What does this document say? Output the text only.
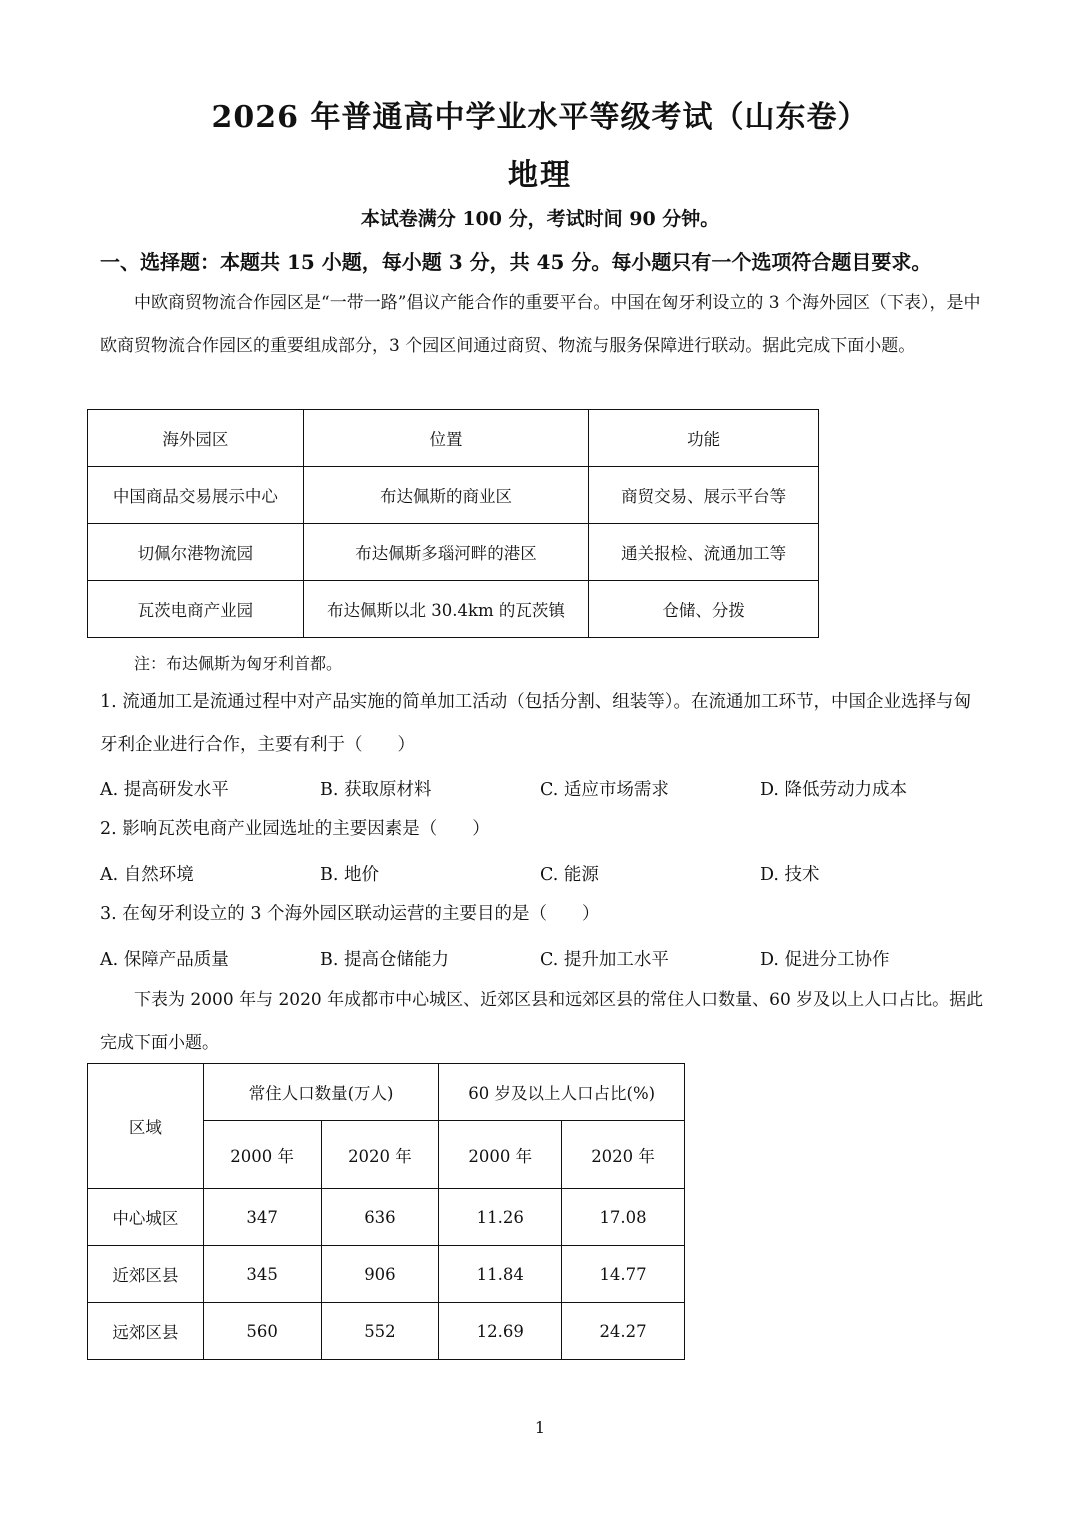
2026 年普通高中学业水平等级考试（山东卷）
地理
本试卷满分 100 分，考试时间 90 分钟。
一、选择题：本题共 15 小题，每小题 3 分，共 45 分。每小题只有一个选项符合题目要求。

中欧商贸物流合作园区是“一带一路”倡议产能合作的重要平台。中国在匈牙利设立的 3 个海外园区（下表），是中欧商贸物流合作园区的重要组成部分，3 个园区间通过商贸、物流与服务保障进行联动。据此完成下面小题。

海外园区	位置	功能
中国商品交易展示中心	布达佩斯的商业区	商贸交易、展示平台等
切佩尔港物流园	布达佩斯多瑙河畔的港区	通关报检、流通加工等
瓦茨电商产业园	布达佩斯以北 30.4km 的瓦茨镇	仓储、分拨
注：布达佩斯为匈牙利首都。

1. 流通加工是流通过程中对产品实施的简单加工活动（包括分割、组装等）。在流通加工环节，中国企业选择与匈牙利企业进行合作，主要有利于（　　）

A. 提高研发水平	B. 获取原材料	C. 适应市场需求	D. 降低劳动力成本

2. 影响瓦茨电商产业园选址的主要因素是（　　）

A. 自然环境	B. 地价	C. 能源	D. 技术

3. 在匈牙利设立的 3 个海外园区联动运营的主要目的是（　　）

A. 保障产品质量	B. 提高仓储能力	C. 提升加工水平	D. 促进分工协作

下表为 2000 年与 2020 年成都市中心城区、近郊区县和远郊区县的常住人口数量、60 岁及以上人口占比。据此完成下面小题。

区域	常住人口数量(万人)		60 岁及以上人口占比(%)	
	2000 年	2020 年	2000 年	2020 年
中心城区	347	636	11.26	17.08
近郊区县	345	906	11.84	14.77
远郊区县	560	552	12.69	24.27
1
